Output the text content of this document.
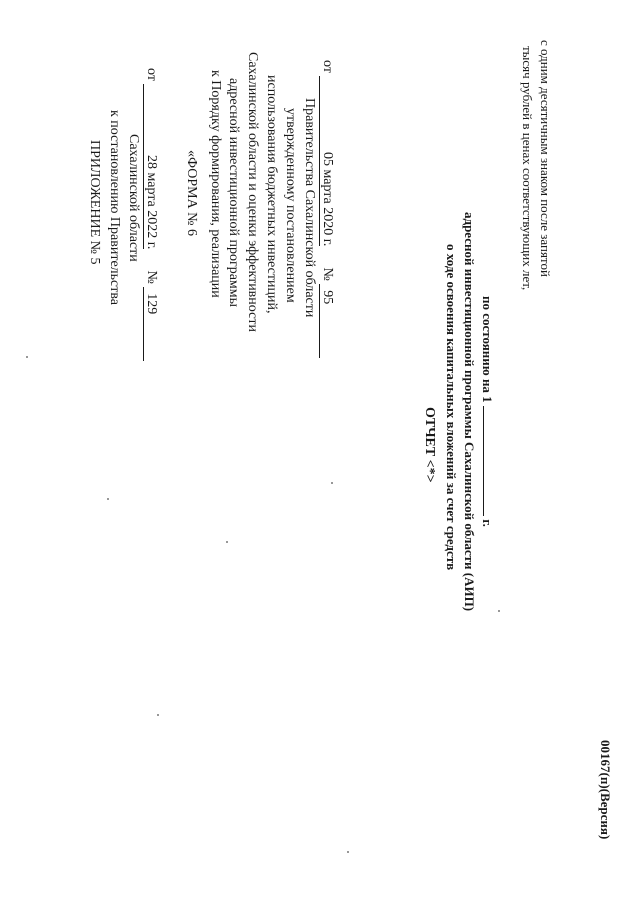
ПРИЛОЖЕНИЕ № 5 к постановлению Правительства Сахалинской области
от 28 марта 2022 г.  № 129
«ФОРМА № 6 к Порядку формирования, реализации адресной инвестиционной программы Сахалинской области и оценки эффективности использования бюджетных инвестиций, утвержденному постановлением Правительства Сахалинской области
от 05 марта 2020 г.  № 95
ОТЧЕТ <*> о ходе освоения капитальных вложений за счет средств адресной инвестиционной программы Сахалинской области (АИП) по состоянию на 1  г.
тысяч рублей в ценах соответствующих лет, с одним десятичным знаком после запятой
00167(п)(Версия)
